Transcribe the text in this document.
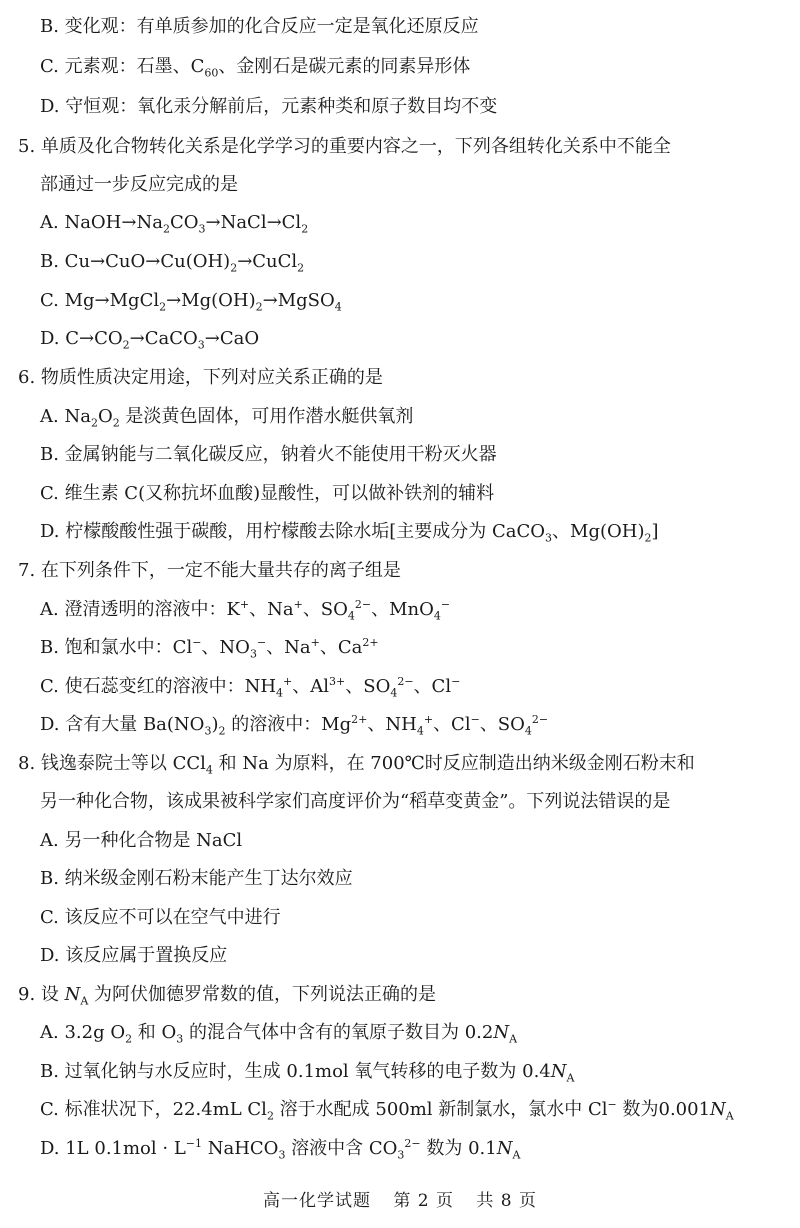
B. 变化观：有单质参加的化合反应一定是氧化还原反应
C. 元素观：石墨、$C_{60}$、金刚石是碳元素的同素异形体
D. 守恒观：氧化汞分解前后，元素种类和原子数目均不变
5. 单质及化合物转化关系是化学学习的重要内容之一，下列各组转化关系中不能全
部通过一步反应完成的是
A. $NaOH\to Na_2CO_3\to NaCl\to Cl_2$
B. $Cu\to CuO\to Cu(OH)_2\to CuCl_2$
C. $Mg\to MgCl_2\to Mg(OH)_2\to MgSO_4$
D. $C\to CO_2\to CaCO_3\to CaO$
6. 物质性质决定用途，下列对应关系正确的是
A. $Na_2O_2$ 是淡黄色固体，可用作潜水艇供氧剂
B. 金属钠能与二氧化碳反应，钠着火不能使用干粉灭火器
C. 维生素 C(又称抗坏血酸)显酸性，可以做补铁剂的辅料
D. 柠檬酸酸性强于碳酸，用柠檬酸去除水垢[主要成分为 CaCO$_3$、$Mg(OH)_2$]
7. 在下列条件下，一定不能大量共存的离子组是
A. 澄清透明的溶液中：K+、Na+、$SO_4^{2-}$、MnO$_4$−
B. 饱和氯水中：Cl−、$NO_3^-$、Na+、$Ca^{2+}$
C. 使石蕊变红的溶液中：$NH_4^+$、$Al^{3+}$、$SO_4^{2-}$、Cl−
D. 含有大量 $Ba(NO_3)_2$ 的溶液中：$Mg^{2+}$、$NH_4^+$、Cl−、$SO_4^{2-}$
8. 钱逸泰院士等以 CCl$_4$ 和 Na 为原料，在 700℃时反应制造出纳米级金刚石粉末和
另一种化合物，该成果被科学家们高度评价为“稻草变黄金”。下列说法错误的是
A. 另一种化合物是 NaCl
B. 纳米级金刚石粉末能产生丁达尔效应
C. 该反应不可以在空气中进行
D. 该反应属于置换反应
9. 设 $N_A$ 为阿伏伽德罗常数的值，下列说法正确的是
A. 3.2g $O_2$ 和 $O_3$ 的混合气体中含有的氧原子数目为 $0.2N_A$
B. 过氧化钠与水反应时，生成 0.1mol 氧气转移的电子数为 $0.4N_A$
C. 标准状况下，22.4mL $Cl_2$ 溶于水配成 500ml 新制氯水，氯水中 Cl− 数为$0.001N_A$
D. 1L $0.1mol \cdot L^{-1}$ NaHCO$_3$ 溶液中含 $CO_3^{2-}$ 数为 $0.1N_A$
高一化学试题 第 2 页 共 8 页
